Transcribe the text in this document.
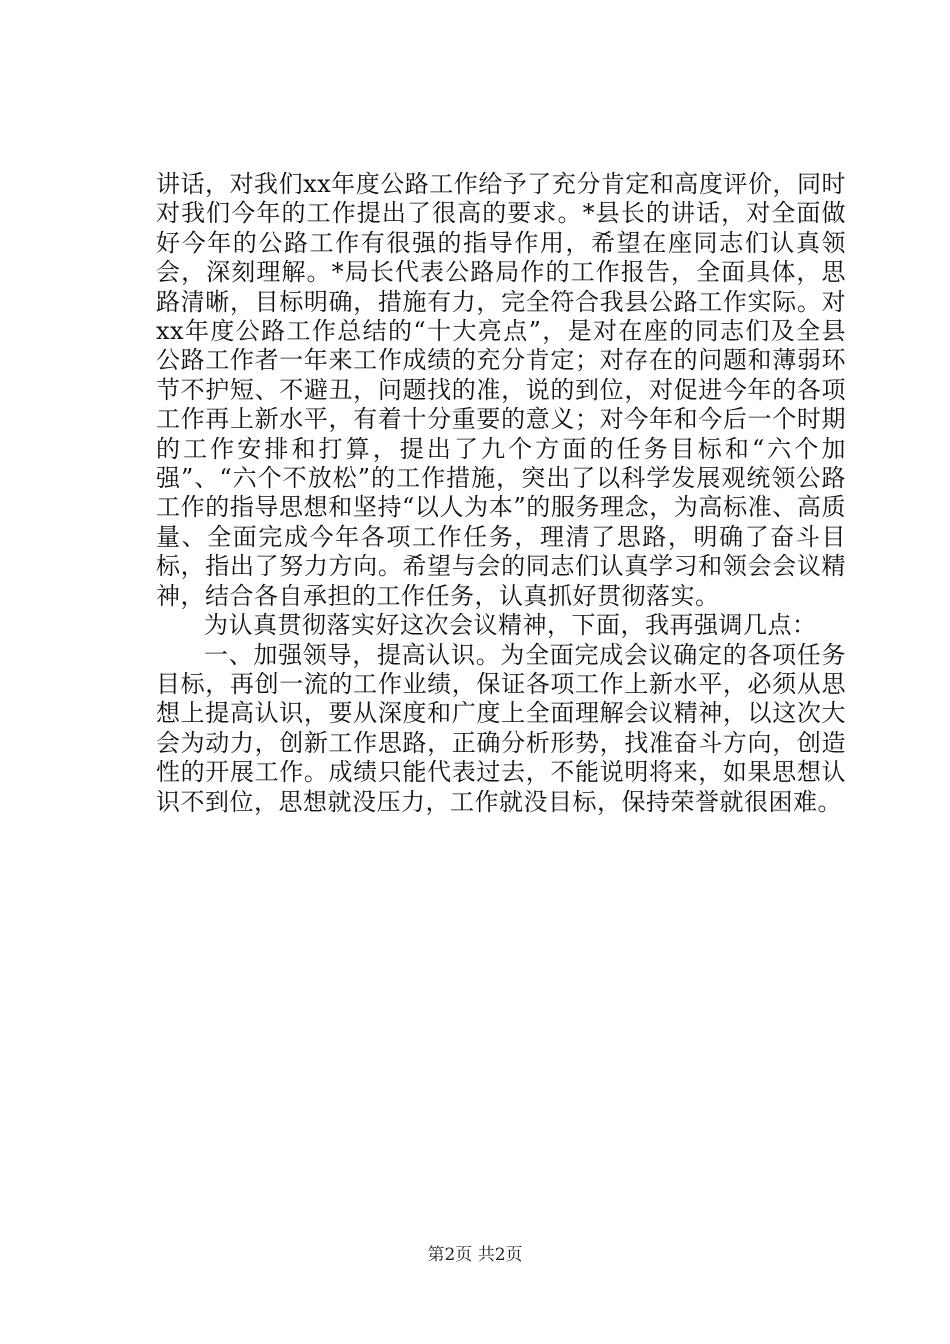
讲话，对我们xx年度公路工作给予了充分肯定和高度评价，同时对我们今年的工作提出了很高的要求。*县长的讲话，对全面做好今年的公路工作有很强的指导作用，希望在座同志们认真领会，深刻理解。*局长代表公路局作的工作报告，全面具体，思路清晰，目标明确，措施有力，完全符合我县公路工作实际。对xx年度公路工作总结的“十大亮点”，是对在座的同志们及全县公路工作者一年来工作成绩的充分肯定；对存在的问题和薄弱环节不护短、不避丑，问题找的准，说的到位，对促进今年的各项工作再上新水平，有着十分重要的意义；对今年和今后一个时期的工作安排和打算，提出了九个方面的任务目标和“六个加强”、“六个不放松”的工作措施，突出了以科学发展观统领公路工作的指导思想和坚持“以人为本”的服务理念，为高标准、高质量、全面完成今年各项工作任务，理清了思路，明确了奋斗目标，指出了努力方向。希望与会的同志们认真学习和领会会议精神，结合各自承担的工作任务，认真抓好贯彻落实。

为认真贯彻落实好这次会议精神，下面，我再强调几点：

一、加强领导，提高认识。为全面完成会议确定的各项任务目标，再创一流的工作业绩，保证各项工作上新水平，必须从思想上提高认识，要从深度和广度上全面理解会议精神，以这次大会为动力，创新工作思路，正确分析形势，找准奋斗方向，创造性的开展工作。成绩只能代表过去，不能说明将来，如果思想认识不到位，思想就没压力，工作就没目标，保持荣誉就很困难。

第2页 共2页
